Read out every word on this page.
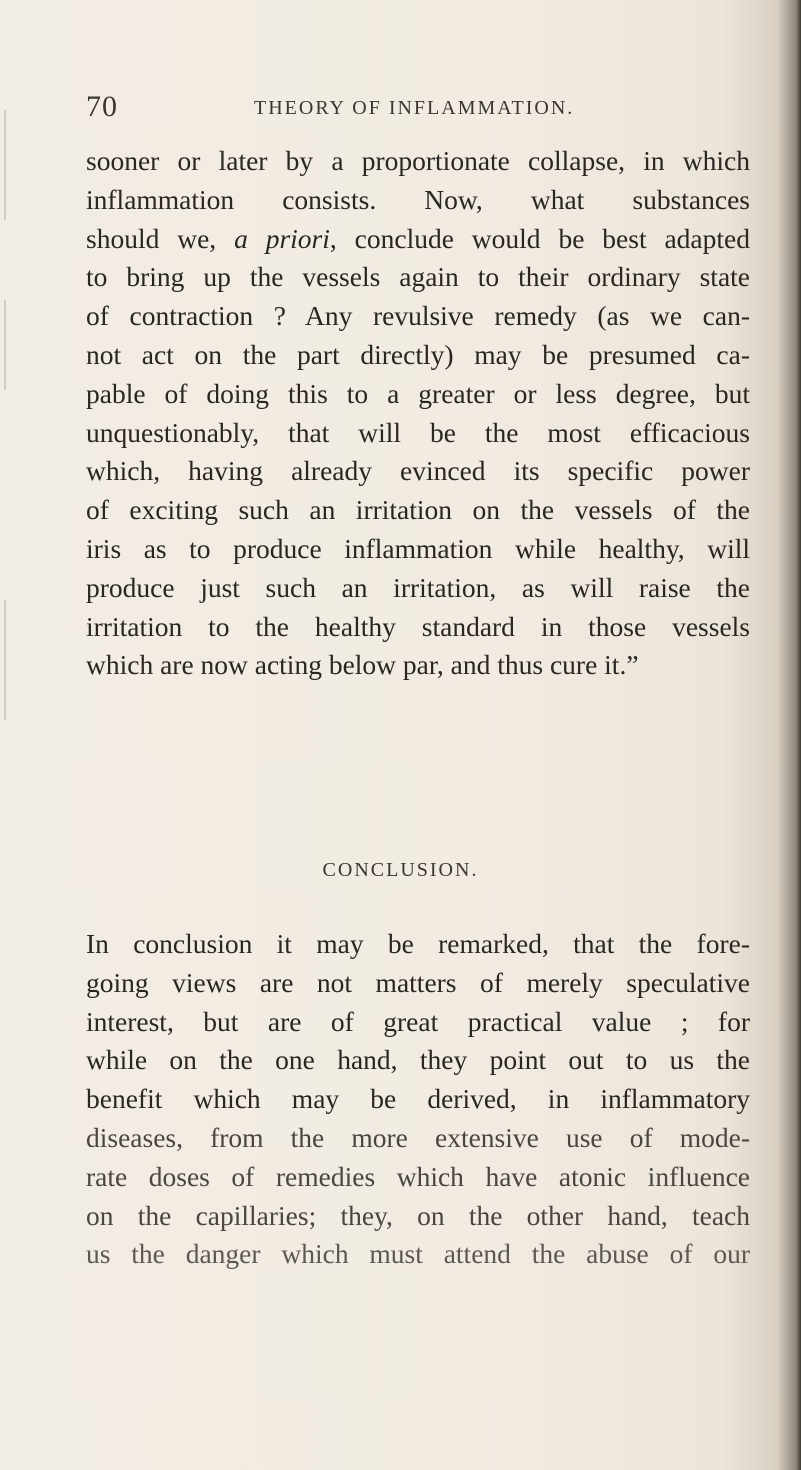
70	THEORY OF INFLAMMATION.

sooner or later by a proportionate collapse, in which
inflammation consists. Now, what substances
should we, a priori, conclude would be best adapted
to bring up the vessels again to their ordinary state
of contraction ? Any revulsive remedy (as we can-
not act on the part directly) may be presumed ca-
pable of doing this to a greater or less degree, but
unquestionably, that will be the most efficacious
which, having already evinced its specific power
of exciting such an irritation on the vessels of the
iris as to produce inflammation while healthy, will
produce just such an irritation, as will raise the
irritation to the healthy standard in those vessels
which are now acting below par, and thus cure it.”

CONCLUSION.

In conclusion it may be remarked, that the fore-
going views are not matters of merely speculative
interest, but are of great practical value ; for
while on the one hand, they point out to us the
benefit which may be derived, in inflammatory
diseases, from the more extensive use of mode-
rate doses of remedies which have atonic influence
on the capillaries; they, on the other hand, teach
us the danger which must attend the abuse of our
